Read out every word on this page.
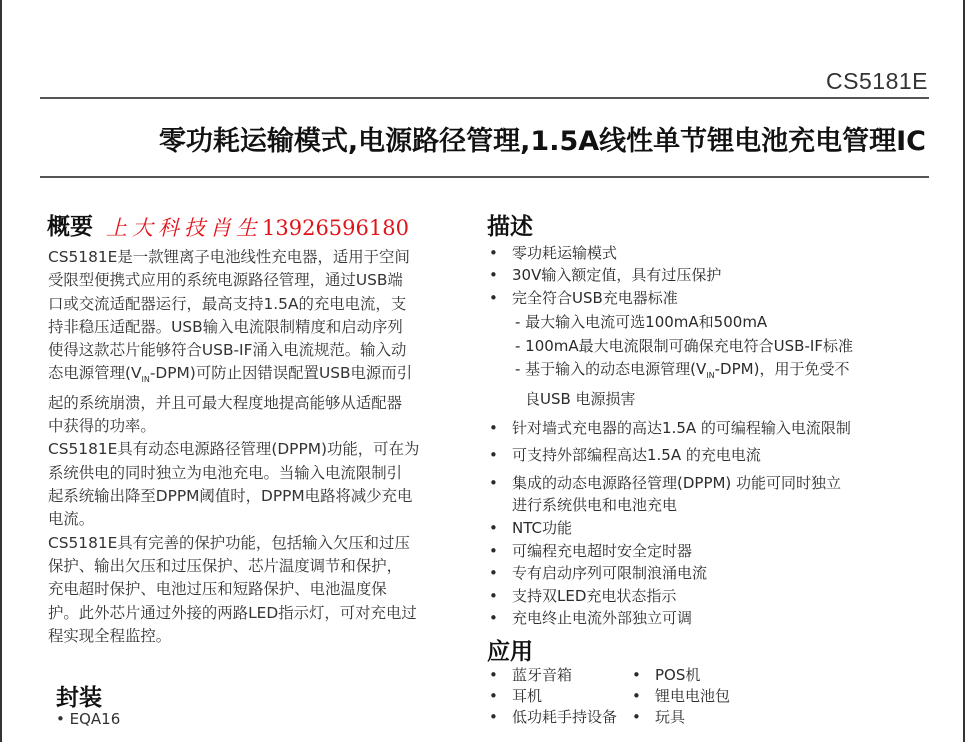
CS5181E
零功耗运输模式,电源路径管理,1.5A线性单节锂电池充电管理IC
概要 上大科技肖生13926596180

CS5181E是一款锂离子电池线性充电器，适用于空间

受限型便携式应用的系统电源路径管理，通过USB端

口或交流适配器运行，最高支持1.5A的充电电流，支

持非稳压适配器。USB输入电流限制精度和启动序列

使得这款芯片能够符合USB-IF涌入电流规范。输入动

态电源管理$(V_{IN}-DPM)$可防止因错误配置USB电源而引

起的系统崩溃，并且可最大程度地提高能够从适配器

中获得的功率。

CS5181E具有动态电源路径管理(DPPM)功能，可在为

系统供电的同时独立为电池充电。当输入电流限制引

起系统输出降至DPPM阈值时，DPPM电路将减少充电

电流。

CS5181E具有完善的保护功能，包括输入欠压和过压

保护、输出欠压和过压保护、芯片温度调节和保护，

充电超时保护、电池过压和短路保护、电池温度保

护。此外芯片通过外接的两路LED指示灯，可对充电过

程实现全程监控。

描述
• 零功耗运输模式
• 30V输入额定值，具有过压保护
• 完全符合USB充电器标准
- 最大输入电流可选100mA和500mA
- 100mA最大电流限制可确保充电符合USB-IF标准
- 基于输入的动态电源管理$(V_{IN}-DPM)$，用于免受不
良USB 电源损害
• 针对墙式充电器的高达1.5A 的可编程输入电流限制
• 可支持外部编程高达1.5A 的充电电流
• 集成的动态电源路径管理(DPPM) 功能可同时独立
进行系统供电和电池充电
• NTC功能
• 可编程充电超时安全定时器
• 专有启动序列可限制浪涌电流
• 支持双LED充电状态指示
• 充电终止电流外部独立可调
应用
• 蓝牙音箱
• 耳机
• 低功耗手持设备
• POS机
• 锂电电池包
• 玩具
封装
• EQA16
